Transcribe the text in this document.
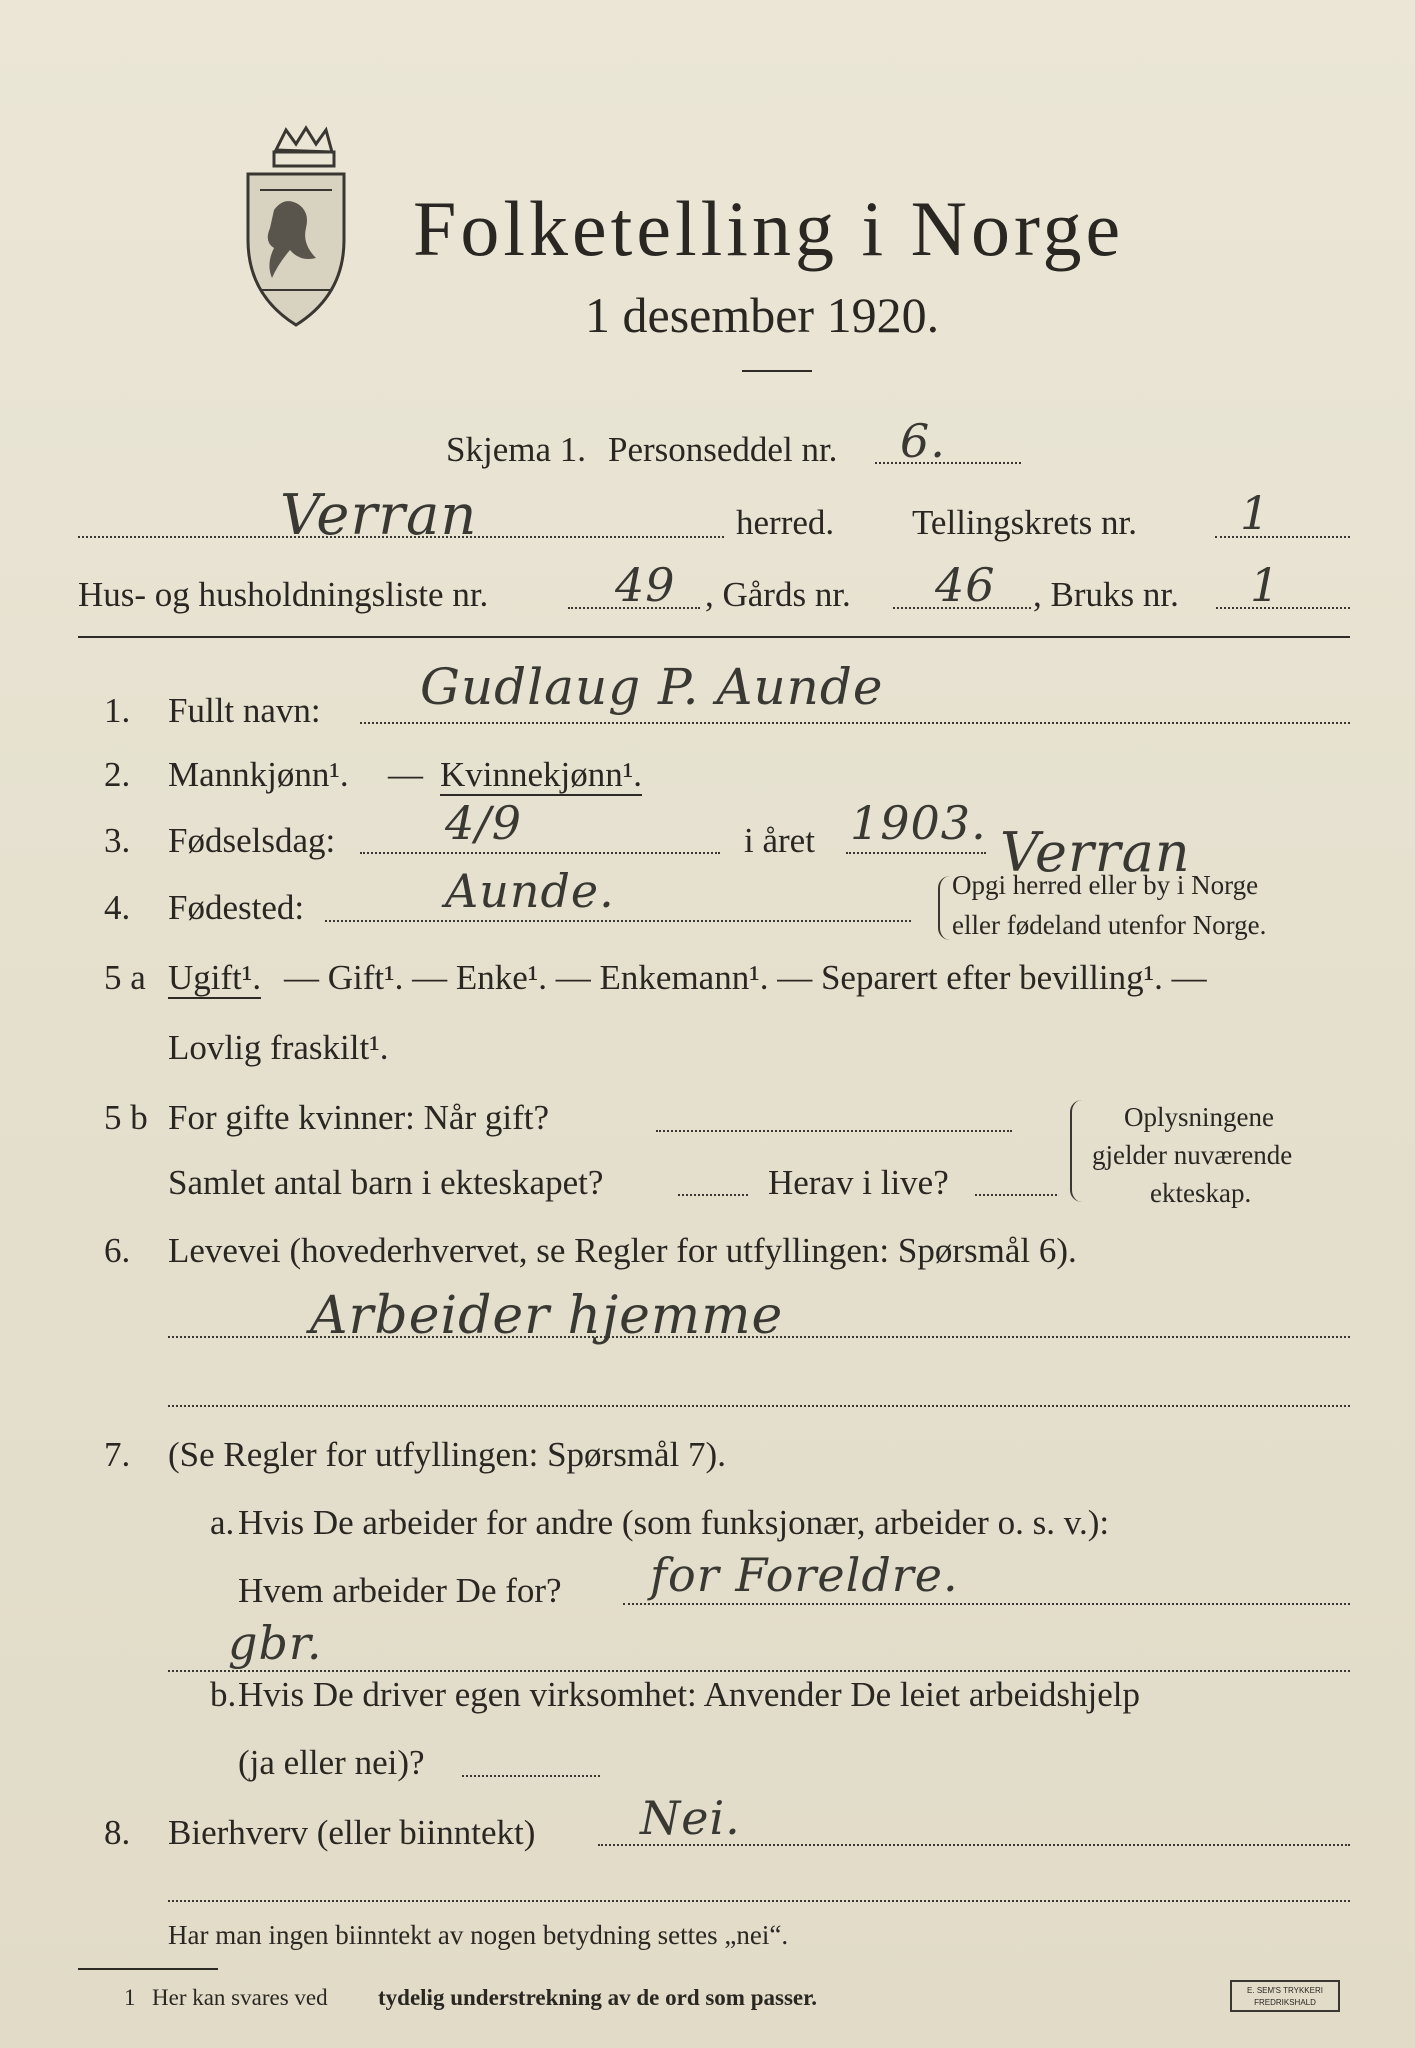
Folketelling i Norge
1 desember 1920.
Skjema 1. Personseddel nr. 6.
Verran	herred. Tellingskrets nr. 1
Hus- og husholdningsliste nr.	49 , Gårds nr. 46 , Bruks nr. 1
1. Fullt navn: Gudlaug P. Aunde
2. Mannkjønn¹. — Kvinnekjønn¹.
3. Fødselsdag: 4/9	i året 1903. Verran
4. Fødested:	Aunde.	Opgi herred eller by i Norge
eller fødeland utenfor Norge.
5 a Ugift¹. — Gift¹. — Enke¹. — Enkemann¹. — Separert efter bevilling¹. —
Lovlig fraskilt¹.
5 b For gifte kvinner: Når gift?
Samlet antal barn i ekteskapet?	Herav i live?
Oplysningene
gjelder nuværende
ekteskap.
6. Levevei (hovederhvervet, se Regler for utfyllingen: Spørsmål 6).
Arbeider hjemme
7. (Se Regler for utfyllingen: Spørsmål 7).
a. Hvis De arbeider for andre (som funksjonær, arbeider o. s. v.):
Hvem arbeider De for? for Foreldre.
gbr.
b. Hvis De driver egen virksomhet: Anvender De leiet arbeidshjelp
(ja eller nei)?
8. Bierhverv (eller biinntekt) Nei.
Har man ingen biinntekt av nogen betydning settes „nei“.
1 Her kan svares ved tydelig understrekning av de ord som passer.	E. SEM'S TRYKKERI
FREDRIKSHALD
